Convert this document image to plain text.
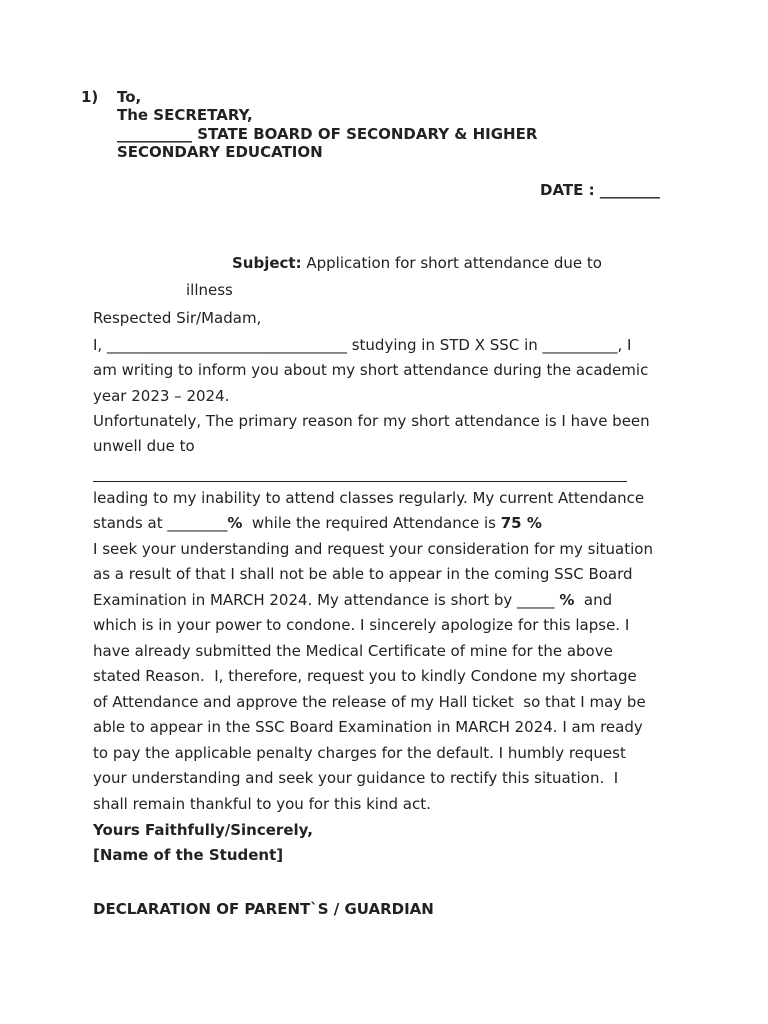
1) To,
The SECRETARY,
__________ STATE BOARD OF SECONDARY & HIGHER
SECONDARY EDUCATION
DATE : ________
Subject: Application for short attendance due to
illness
Respected Sir/Madam,
I, ________________________________ studying in STD X SSC in __________, I
am writing to inform you about my short attendance during the academic
year 2023 – 2024.
Unfortunately, The primary reason for my short attendance is I have been
unwell due to
leading to my inability to attend classes regularly. My current Attendance
stands at ________%  while the required Attendance is 75 %
I seek your understanding and request your consideration for my situation
as a result of that I shall not be able to appear in the coming SSC Board
Examination in MARCH 2024. My attendance is short by _____ %  and
which is in your power to condone. I sincerely apologize for this lapse. I
have already submitted the Medical Certificate of mine for the above
stated Reason.  I, therefore, request you to kindly Condone my shortage
of Attendance and approve the release of my Hall ticket  so that I may be
able to appear in the SSC Board Examination in MARCH 2024. I am ready
to pay the applicable penalty charges for the default. I humbly request
your understanding and seek your guidance to rectify this situation.  I
shall remain thankful to you for this kind act.
Yours Faithfully/Sincerely,
[Name of the Student]
DECLARATION OF PARENT`S / GUARDIAN
